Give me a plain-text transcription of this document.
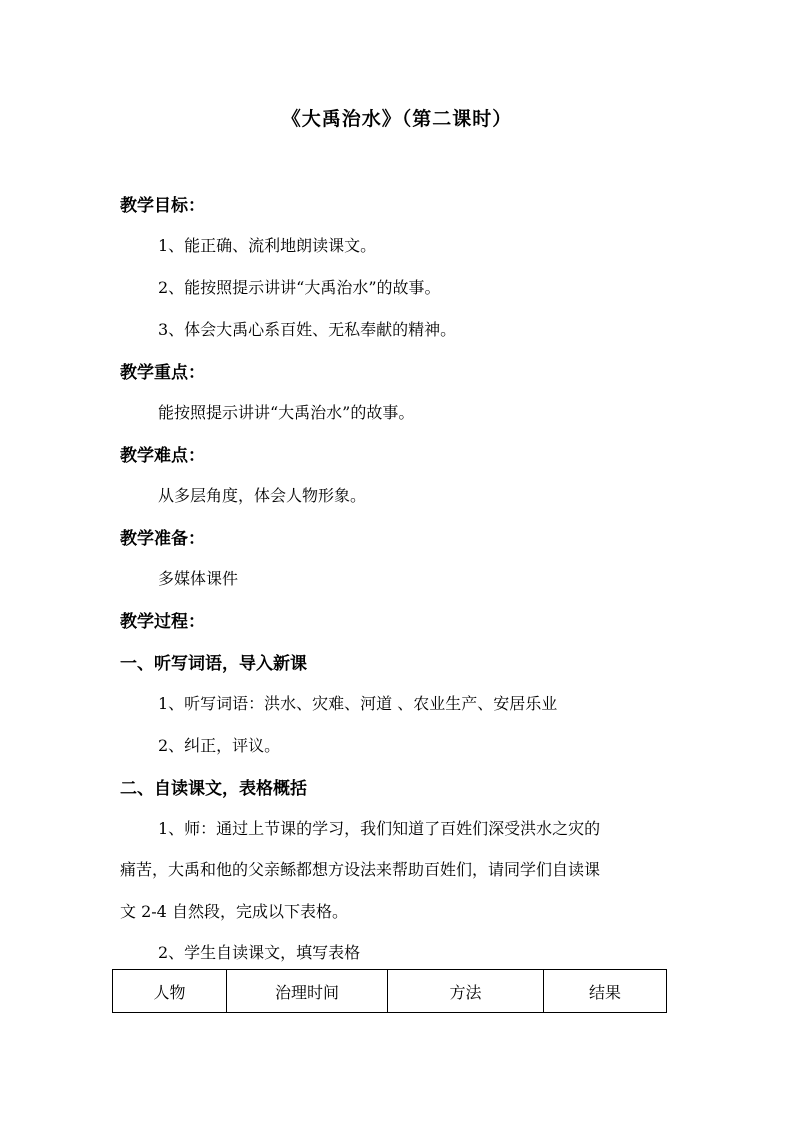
《大禹治水》（第二课时）
教学目标：
1、能正确、流利地朗读课文。
2、能按照提示讲讲“大禹治水”的故事。
3、体会大禹心系百姓、无私奉献的精神。
教学重点：
能按照提示讲讲“大禹治水”的故事。
教学难点：
从多层角度，体会人物形象。
教学准备：
多媒体课件
教学过程：
一、听写词语，导入新课
1、听写词语：洪水、灾难、河道 、农业生产、安居乐业
2、纠正，评议。
二、自读课文，表格概括
1、师：通过上节课的学习，我们知道了百姓们深受洪水之灾的
痛苦，大禹和他的父亲鲧都想方设法来帮助百姓们，请同学们自读课
文 2-4 自然段，完成以下表格。
2、学生自读课文，填写表格
人物	治理时间	方法	结果
